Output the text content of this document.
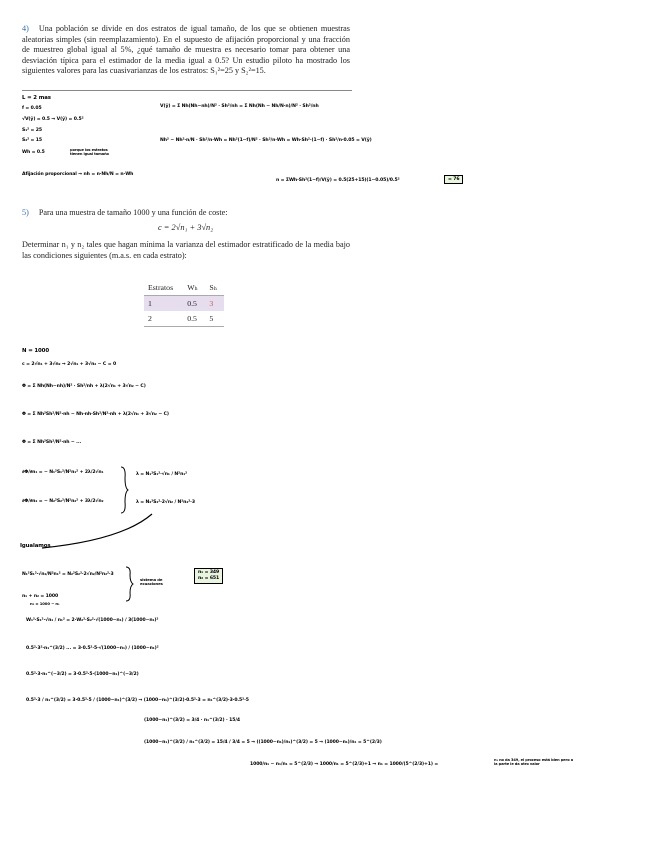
4) Una población se divide en dos estratos de igual tamaño, de los que se obtienen muestras aleatorias simples (sin reemplazamiento). En el supuesto de afijación proporcional y una fracción de muestreo global igual al 5%, ¿qué tamaño de muestra es necesario tomar para obtener una desviación típica para el estimador de la media igual a 0.5? Un estudio piloto ha mostrado los siguientes valores para las cuasivarianzas de los estratos: S₁²=25 y S₂²=15.
L = 2 mas
f = 0.05
√V(ȳ) = 0.5 → V(ȳ) = 0.5²
S₁² = 25
S₂² = 15
Wh = 0.5	porque los estratos tienen igual tamaño
Afijación proporcional → nh = n·Nh/N = n·Wh
V(ȳ) = Σ Nh(Nh−nh)/N² · Sh²/nh = Σ Nh(Nh − Nh/N·n)/N² · Sh²/nh
Nh² − Nh²·n/N · Sh²/n·Wh = Nh²(1−f)/N² · Sh²/n·Wh = Wh·Sh²·(1−f) · Sh²/n·0.05 = V(ȳ)
n = ΣWh·Sh²(1−f)/V(ȳ) = 0.5(25+15)(1−0.05)/0.5²	= 76
5) Para una muestra de tamaño 1000 y una función de coste:
c = 2√n₁ + 3√n₂
Determinar n₁ y n₂ tales que hagan mínima la varianza del estimador estratificado de la media bajo las condiciones siguientes (m.a.s. en cada estrato):
Estratos	Wₕ	Sₕ
1	0.5	3
2	0.5	5
N = 1000
c = 2√n₁ + 3√n₂ → 2√n₁ + 3√n₂ − C = 0
Φ = Σ Nh(Nh−nh)/N² · Sh²/nh + λ(2√n₁ + 3√n₂ − C)
Φ = Σ Nh²Sh²/N²·nh − Nh·nh·Sh²/N²·nh + λ(2√n₁ + 3√n₂ − C)
Φ = Σ Nh²Sh²/N²·nh − ...
∂Φ/∂n₁ = − N₁²S₁²/N²n₁² + 2λ/2√n₁
∂Φ/∂n₂ = − N₂²S₂²/N²n₂² + 3λ/2√n₂
λ = N₁²S₁²·√n₁ / N²n₁²
λ = N₂²S₂²·2√n₂ / N²n₂²·3
Igualamos
N₁²S₁²·√n₁/N²n₁² = N₂²S₂²·2√n₂/N²n₂²·3
sistema de ecuaciones
n₁ = 349
n₂ = 651
n₁ + n₂ = 1000
n₂ = 1000 − n₁
W₁²·S₁²·√n₁ / n₁² = 2·W₂²·S₂²·√(1000−n₁) / 3(1000−n₁)²
0.5²·3²·n₁^(3/2) ... = 3·0.5²·5·√(1000−n₁) / (1000−n₁)²
0.5²·3·n₁^(−3/2) = 3·0.5²·5·(1000−n₁)^(−3/2)
0.5²·3 / n₁^(3/2) = 3·0.5²·5 / (1000−n₁)^(3/2) → (1000−n₁)^(3/2)·0.5²·3 = n₁^(3/2)·3·0.5²·5
(1000−n₁)^(3/2) = 3/4 · n₁^(3/2) · 15/4
(1000−n₁)^(3/2) / n₁^(3/2) = 15/4 / 3/4 = 5 → ((1000−n₁)/n₁)^(3/2) = 5 → (1000−n₁)/n₁ = 5^(2/3)
1000/n₁ − n₁/n₁ = 5^(2/3) → 1000/n₁ = 5^(2/3)+1 → n₁ = 1000/(5^(2/3)+1) =
n₁ no da 349, el proceso está bien pero a la parte le da otro valor
